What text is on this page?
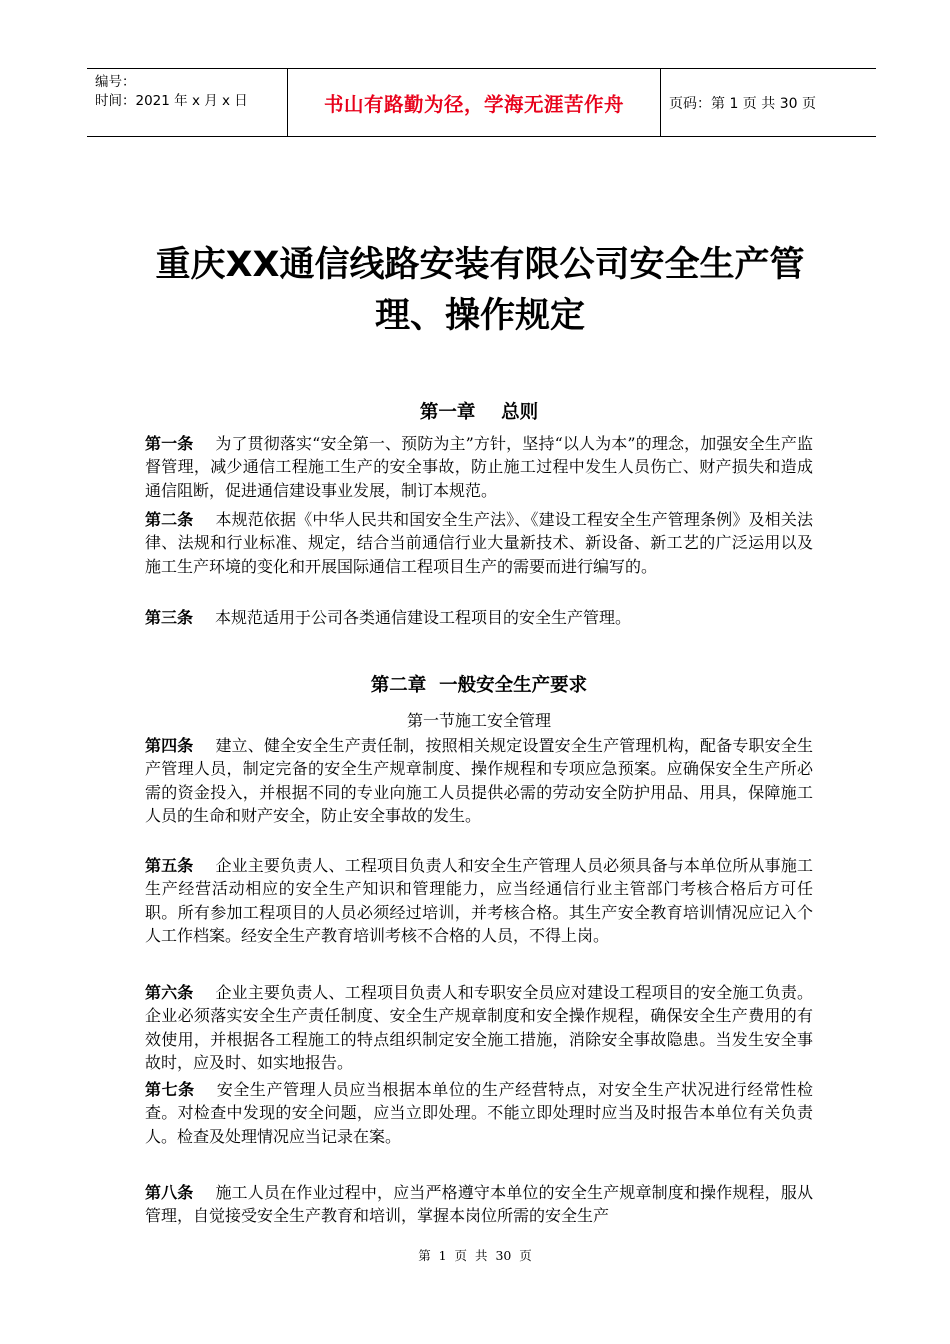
编号：
时间：2021 年 x 月 x 日	书山有路勤为径，学海无涯苦作舟	页码：第 1 页 共 30 页
重庆XX通信线路安装有限公司安全生产管
理、操作规定
第一章    总则

第一条 为了贯彻落实“安全第一、预防为主”方针，坚持“以人为本”的理念，加强安全生产监督管理，减少通信工程施工生产的安全事故，防止施工过程中发生人员伤亡、财产损失和造成通信阻断，促进通信建设事业发展，制订本规范。

第二条 本规范依据《中华人民共和国安全生产法》、《建设工程安全生产管理条例》及相关法律、法规和行业标准、规定，结合当前通信行业大量新技术、新设备、新工艺的广泛运用以及施工生产环境的变化和开展国际通信工程项目生产的需要而进行编写的。

第三条 本规范适用于公司各类通信建设工程项目的安全生产管理。

第二章  一般安全生产要求
第一节施工安全管理

第四条 建立、健全安全生产责任制，按照相关规定设置安全生产管理机构，配备专职安全生产管理人员，制定完备的安全生产规章制度、操作规程和专项应急预案。应确保安全生产所必需的资金投入，并根据不同的专业向施工人员提供必需的劳动安全防护用品、用具，保障施工人员的生命和财产安全，防止安全事故的发生。

第五条 企业主要负责人、工程项目负责人和安全生产管理人员必须具备与本单位所从事施工生产经营活动相应的安全生产知识和管理能力，应当经通信行业主管部门考核合格后方可任职。所有参加工程项目的人员必须经过培训，并考核合格。其生产安全教育培训情况应记入个人工作档案。经安全生产教育培训考核不合格的人员，不得上岗。

第六条 企业主要负责人、工程项目负责人和专职安全员应对建设工程项目的安全施工负责。企业必须落实安全生产责任制度、安全生产规章制度和安全操作规程，确保安全生产费用的有效使用，并根据各工程施工的特点组织制定安全施工措施，消除安全事故隐患。当发生安全事故时，应及时、如实地报告。

第七条 安全生产管理人员应当根据本单位的生产经营特点，对安全生产状况进行经常性检查。对检查中发现的安全问题，应当立即处理。不能立即处理时应当及时报告本单位有关负责人。检查及处理情况应当记录在案。

第八条 施工人员在作业过程中，应当严格遵守本单位的安全生产规章制度和操作规程，服从管理，自觉接受安全生产教育和培训，掌握本岗位所需的安全生产

第  1  页  共  30  页
